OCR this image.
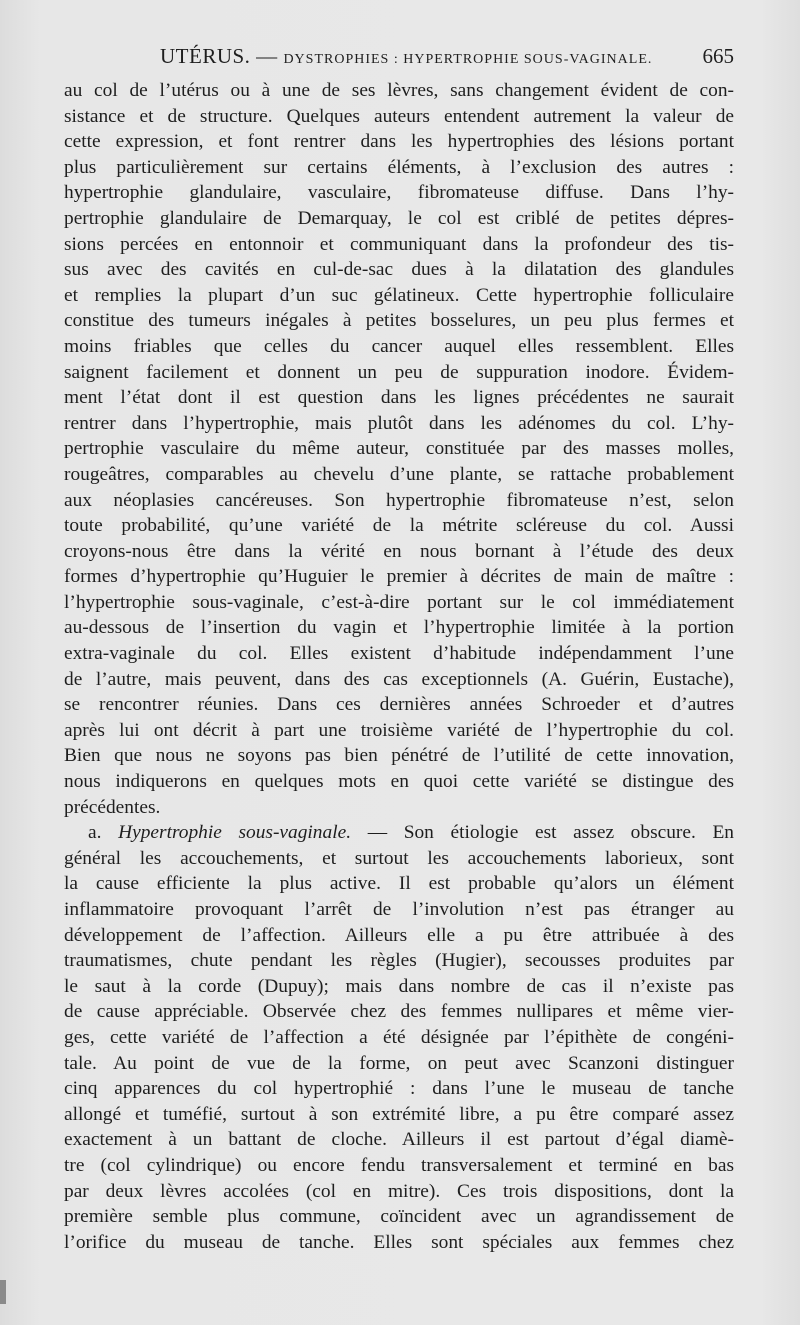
UTÉRUS. — DYSTROPHIES : HYPERTROPHIE SOUS-VAGINALE. 665
au col de l’utérus ou à une de ses lèvres, sans changement évident de con-
sistance et de structure. Quelques auteurs entendent autrement la valeur de
cette expression, et font rentrer dans les hypertrophies des lésions portant
plus particulièrement sur certains éléments, à l’exclusion des autres :
hypertrophie glandulaire, vasculaire, fibromateuse diffuse. Dans l’hy-
pertrophie glandulaire de Demarquay, le col est criblé de petites dépres-
sions percées en entonnoir et communiquant dans la profondeur des tis-
sus avec des cavités en cul-de-sac dues à la dilatation des glandules
et remplies la plupart d’un suc gélatineux. Cette hypertrophie folliculaire
constitue des tumeurs inégales à petites bosselures, un peu plus fermes et
moins friables que celles du cancer auquel elles ressemblent. Elles
saignent facilement et donnent un peu de suppuration inodore. Évidem-
ment l’état dont il est question dans les lignes précédentes ne saurait
rentrer dans l’hypertrophie, mais plutôt dans les adénomes du col. L’hy-
pertrophie vasculaire du même auteur, constituée par des masses molles,
rougeâtres, comparables au chevelu d’une plante, se rattache probablement
aux néoplasies cancéreuses. Son hypertrophie fibromateuse n’est, selon
toute probabilité, qu’une variété de la métrite scléreuse du col. Aussi
croyons-nous être dans la vérité en nous bornant à l’étude des deux
formes d’hypertrophie qu’Huguier le premier à décrites de main de maître :
l’hypertrophie sous-vaginale, c’est-à-dire portant sur le col immédiatement
au-dessous de l’insertion du vagin et l’hypertrophie limitée à la portion
extra-vaginale du col. Elles existent d’habitude indépendamment l’une
de l’autre, mais peuvent, dans des cas exceptionnels (A. Guérin, Eustache),
se rencontrer réunies. Dans ces dernières années Schroeder et d’autres
après lui ont décrit à part une troisième variété de l’hypertrophie du col.
Bien que nous ne soyons pas bien pénétré de l’utilité de cette innovation,
nous indiquerons en quelques mots en quoi cette variété se distingue des
précédentes.
a. Hypertrophie sous-vaginale. — Son étiologie est assez obscure. En
général les accouchements, et surtout les accouchements laborieux, sont
la cause efficiente la plus active. Il est probable qu’alors un élément
inflammatoire provoquant l’arrêt de l’involution n’est pas étranger au
développement de l’affection. Ailleurs elle a pu être attribuée à des
traumatismes, chute pendant les règles (Hugier), secousses produites par
le saut à la corde (Dupuy); mais dans nombre de cas il n’existe pas
de cause appréciable. Observée chez des femmes nullipares et même vier-
ges, cette variété de l’affection a été désignée par l’épithète de congéni-
tale. Au point de vue de la forme, on peut avec Scanzoni distinguer
cinq apparences du col hypertrophié : dans l’une le museau de tanche
allongé et tuméfié, surtout à son extrémité libre, a pu être comparé assez
exactement à un battant de cloche. Ailleurs il est partout d’égal diamè-
tre (col cylindrique) ou encore fendu transversalement et terminé en bas
par deux lèvres accolées (col en mitre). Ces trois dispositions, dont la
première semble plus commune, coïncident avec un agrandissement de
l’orifice du museau de tanche. Elles sont spéciales aux femmes chez
